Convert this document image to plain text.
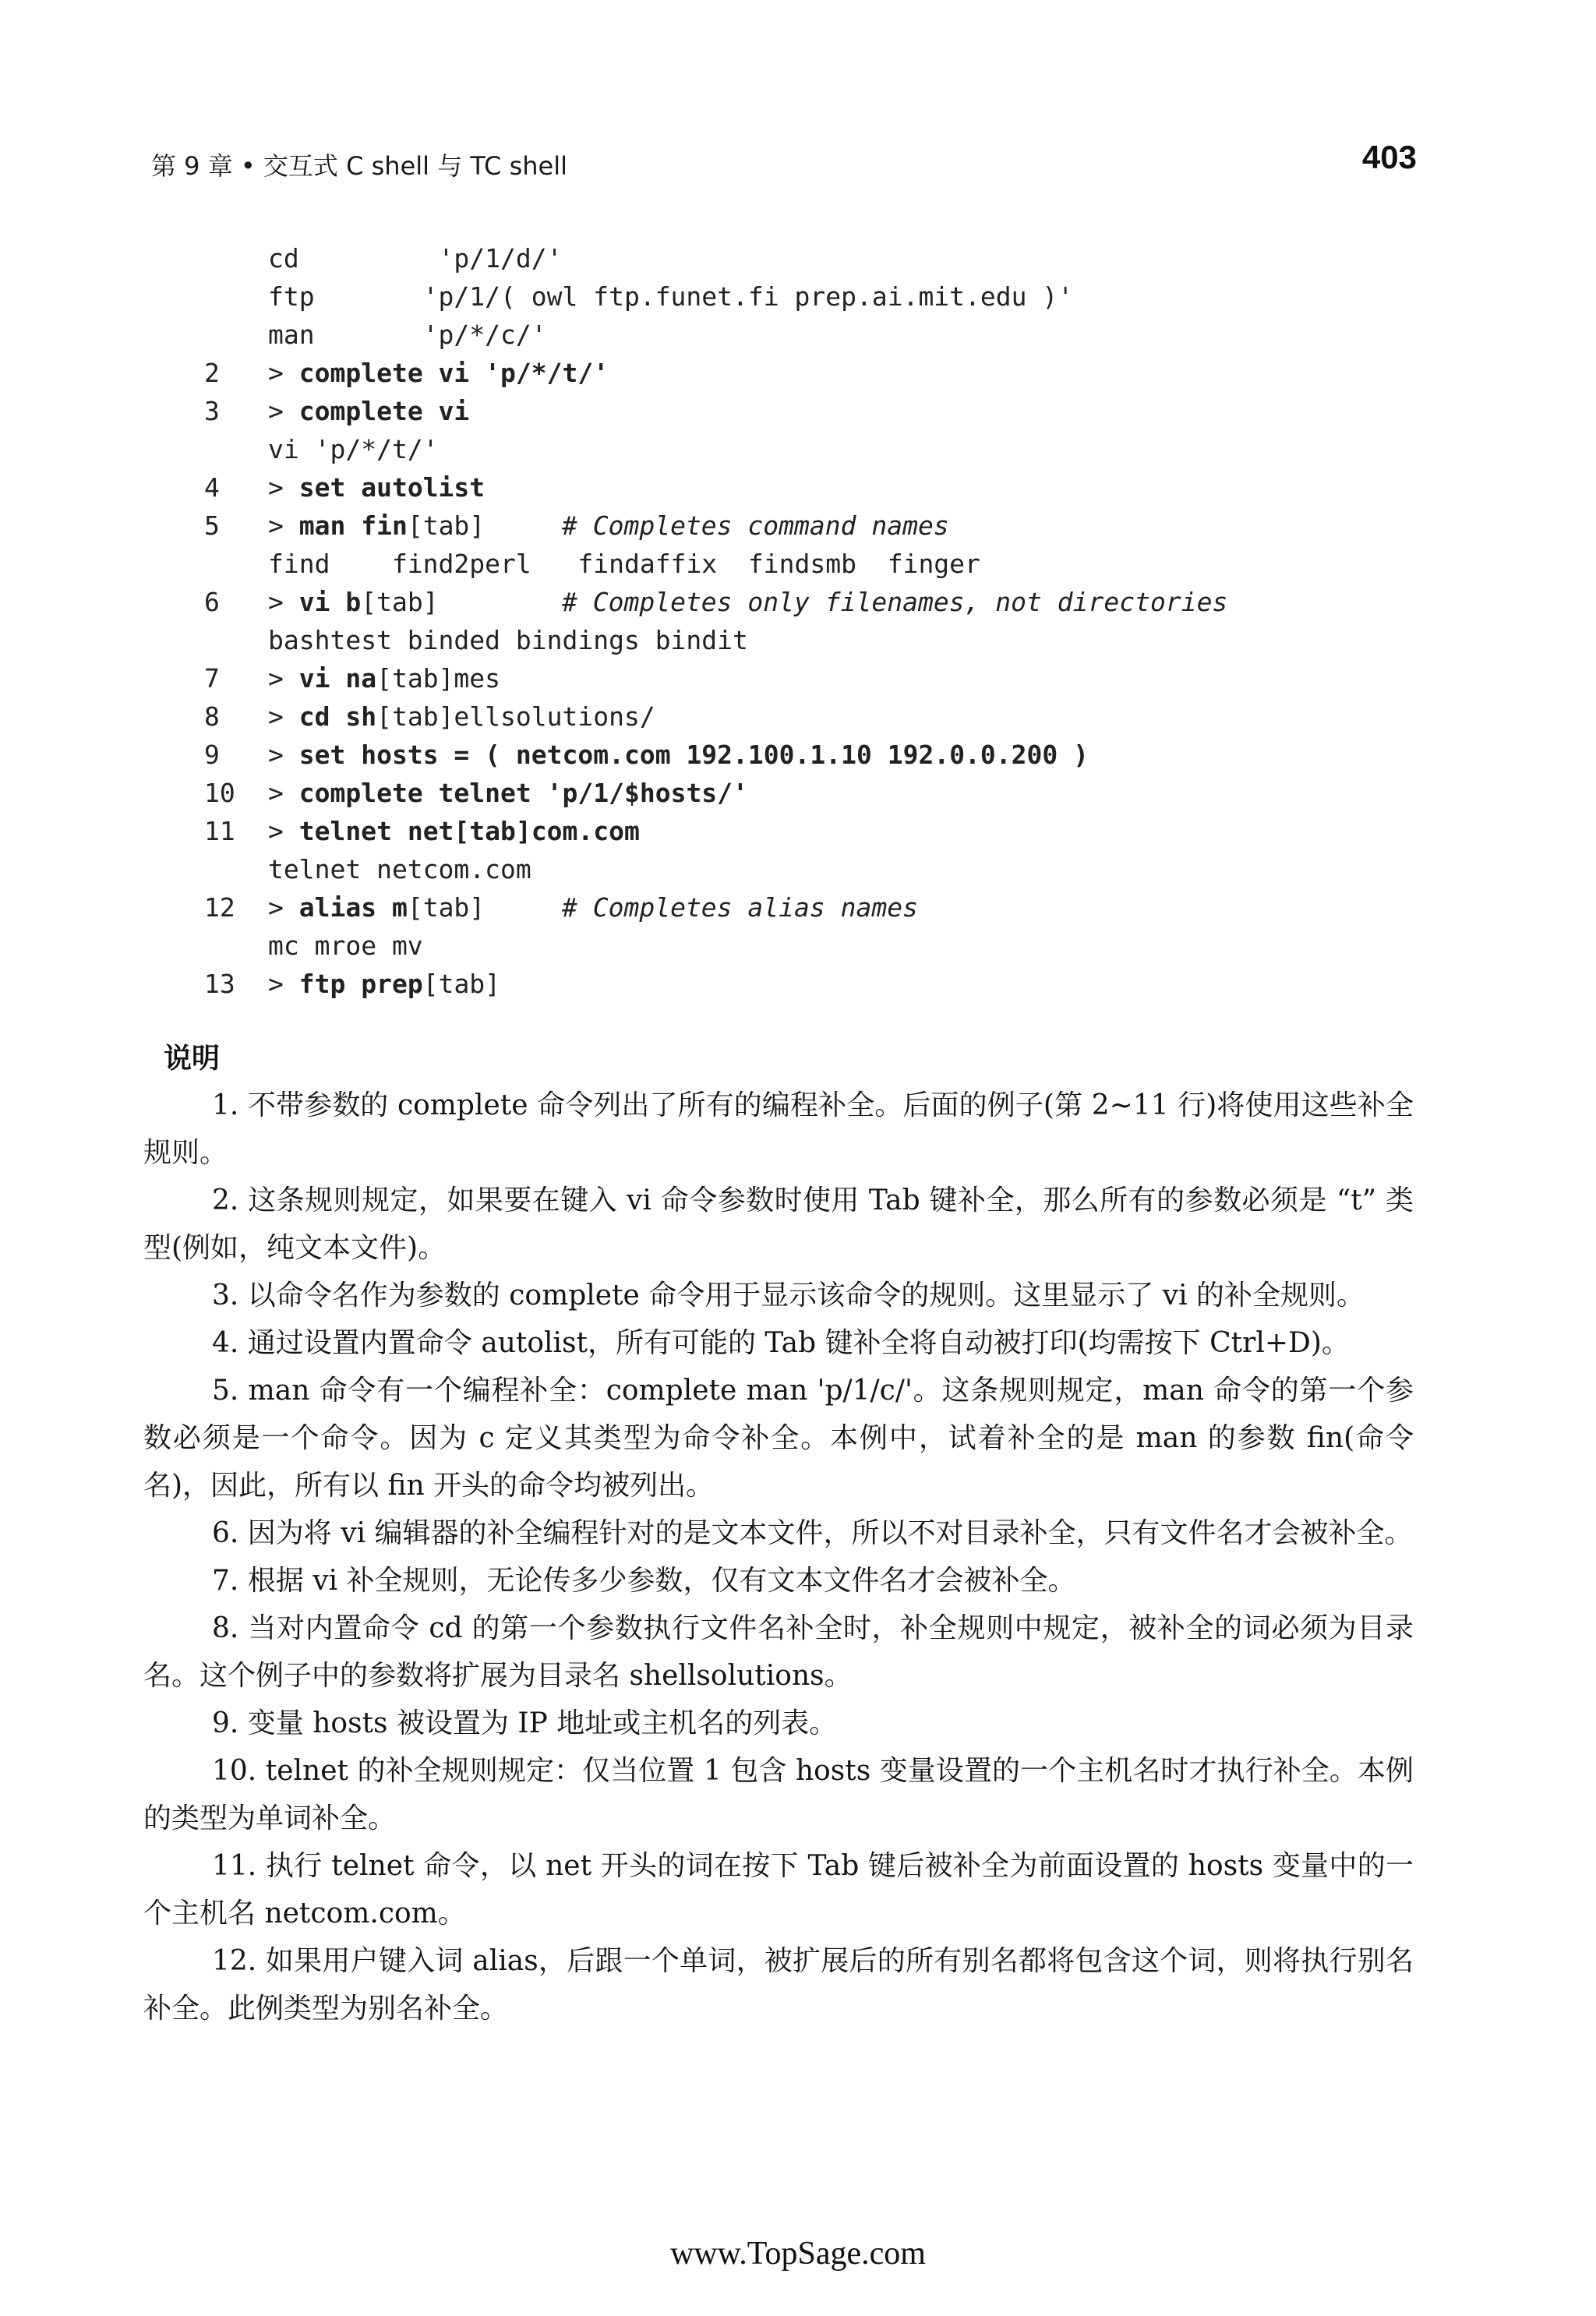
第 9 章 • 交互式 C shell 与 TC shell	403
cd         'p/1/d/'
ftp       'p/1/( owl ftp.funet.fi prep.ai.mit.edu )'
man       'p/*/c/'
2	> complete vi 'p/*/t/'
3	> complete vi
vi 'p/*/t/'
4	> set autolist
5	> man fin[tab]	# Completes command names
find    find2perl   findaffix  findsmb  finger
6	> vi b[tab]	# Completes only filenames, not directories
bashtest binded bindings bindit
7	> vi na[tab]mes
8	> cd sh[tab]ellsolutions/
9	> set hosts = ( netcom.com 192.100.1.10 192.0.0.200 )
10 > complete telnet 'p/1/$hosts/'
11 > telnet net[tab]com.com
telnet netcom.com
12 > alias m[tab]	# Completes alias names
mc mroe mv
13 > ftp prep[tab]
说明

1. 不带参数的 complete 命令列出了所有的编程补全。后面的例子(第 2~11 行)将使用这些补全规则。

2. 这条规则规定，如果要在键入 vi 命令参数时使用 Tab 键补全，那么所有的参数必须是 “t” 类型(例如，纯文本文件)。

3. 以命令名作为参数的 complete 命令用于显示该命令的规则。这里显示了 vi 的补全规则。

4. 通过设置内置命令 autolist，所有可能的 Tab 键补全将自动被打印(均需按下 Ctrl+D)。

5. man 命令有一个编程补全：complete man 'p/1/c/'。这条规则规定，man 命令的第一个参数必须是一个命令。因为 c 定义其类型为命令补全。本例中，试着补全的是 man 的参数 fin(命令名)，因此，所有以 fin 开头的命令均被列出。

6. 因为将 vi 编辑器的补全编程针对的是文本文件，所以不对目录补全，只有文件名才会被补全。

7. 根据 vi 补全规则，无论传多少参数，仅有文本文件名才会被补全。

8. 当对内置命令 cd 的第一个参数执行文件名补全时，补全规则中规定，被补全的词必须为目录名。这个例子中的参数将扩展为目录名 shellsolutions。

9. 变量 hosts 被设置为 IP 地址或主机名的列表。

10. telnet 的补全规则规定：仅当位置 1 包含 hosts 变量设置的一个主机名时才执行补全。本例的类型为单词补全。

11. 执行 telnet 命令，以 net 开头的词在按下 Tab 键后被补全为前面设置的 hosts 变量中的一个主机名 netcom.com。

12. 如果用户键入词 alias，后跟一个单词，被扩展后的所有别名都将包含这个词，则将执行别名补全。此例类型为别名补全。

www.TopSage.com
